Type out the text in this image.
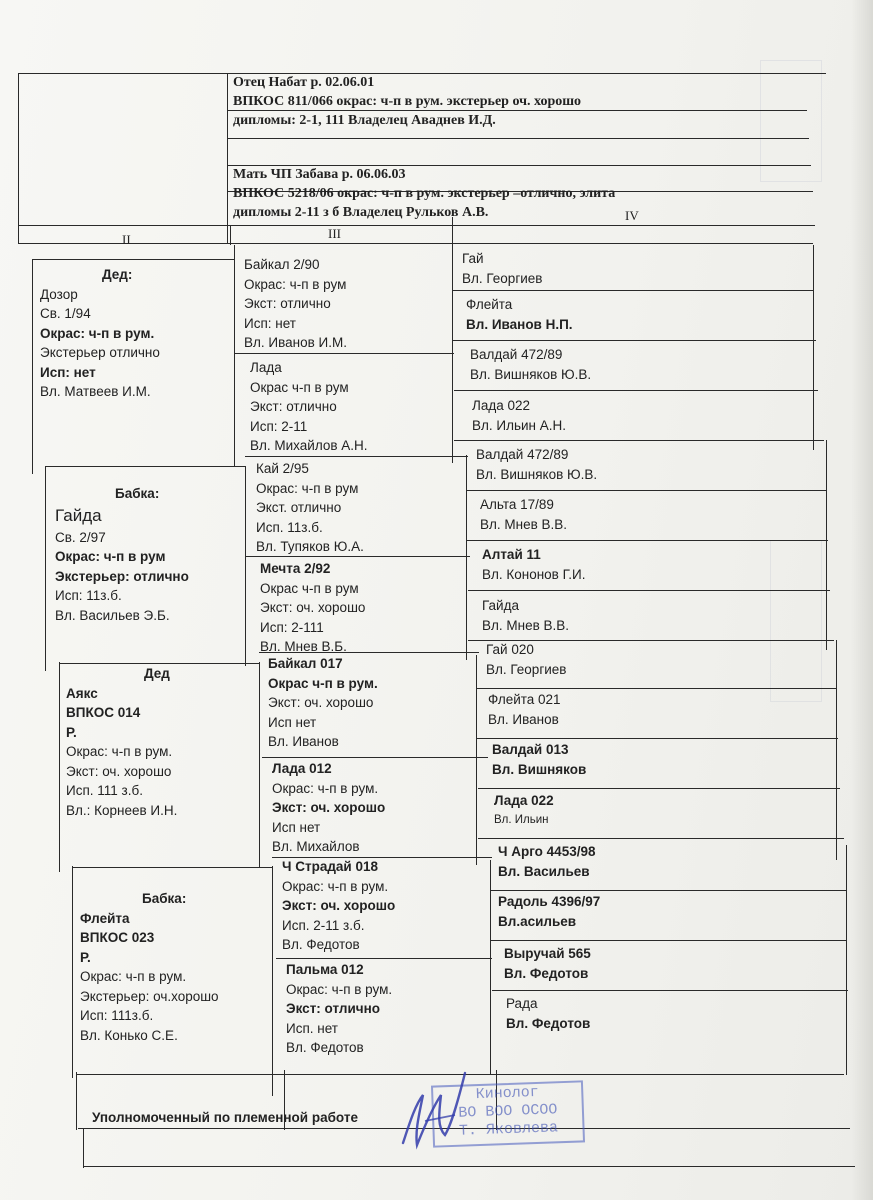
Отец Набат р. 02.06.01
ВПКОС 811/066 окрас: ч-п в рум. экстерьер оч. хорошо
дипломы: 2-1, 111 Владелец Аваднев И.Д.
Мать ЧП Забава р. 06.06.03
ВПКОС 5218/06 окрас: ч-п в рум. экстерьер –отлично, элита
дипломы 2-11 з б Владелец Рульков А.В.
II	III
IV
Дед:
Дозор
Св. 1/94
Окрас: ч-п в рум.
Экстерьер отлично
Исп: нет
Вл. Матвеев И.М.
Бабка:
Гайда
Св. 2/97
Окрас: ч-п в рум
Экстерьер: отлично
Исп: 11з.б.
Вл. Васильев Э.Б.
Дед
Аякс
ВПКОС 014
Р.
Окрас: ч-п в рум.
Экст: оч. хорошо
Исп. 111 з.б.
Вл.: Корнеев И.Н.
Бабка:
Флейта
ВПКОС 023
Р.
Окрас: ч-п в рум.
Экстерьер: оч.хорошо
Исп: 111з.б.
Вл. Конько С.Е.
Байкал 2/90
Окрас: ч-п в рум
Экст: отлично
Исп: нет
Вл. Иванов И.М.
Лада
Окрас ч-п в рум
Экст: отлично
Исп: 2-11
Вл. Михайлов А.Н.
Кай 2/95
Окрас: ч-п в рум
Экст. отлично
Исп. 11з.б.
Вл. Тупяков Ю.А.
Мечта 2/92
Окрас ч-п в рум
Экст: оч. хорошо
Исп: 2-111
Вл. Мнев В.Б.
Байкал 017
Окрас ч-п в рум.
Экст: оч. хорошо
Исп нет
Вл. Иванов
Лада 012
Окрас: ч-п в рум.
Экст: оч. хорошо
Исп нет
Вл. Михайлов
Ч Страдай 018
Окрас: ч-п в рум.
Экст: оч. хорошо
Исп. 2-11 з.б.
Вл. Федотов
Пальма 012
Окрас: ч-п в рум.
Экст: отлично
Исп. нет
Вл. Федотов
Гай
Вл. Георгиев
Флейта
Вл. Иванов Н.П.
Валдай 472/89
Вл. Вишняков Ю.В.
Лада 022
Вл. Ильин А.Н.
Валдай 472/89
Вл. Вишняков Ю.В.
Альта 17/89
Вл. Мнев В.В.
Алтай 11
Вл. Кононов Г.И.
Гайда
Вл. Мнев В.В.
Гай 020
Вл. Георгиев
Флейта 021
Вл. Иванов
Валдай 013
Вл. Вишняков
Лада 022
Вл. Ильин
Ч Арго 4453/98
Вл. Васильев
Радоль 4396/97
Вл.асильев
Выручай 565
Вл. Федотов
Рада
Вл. Федотов
Уполномоченный по племенной работе
Кинолог
ВО ВОО ОСОО
Т. Яковлева
